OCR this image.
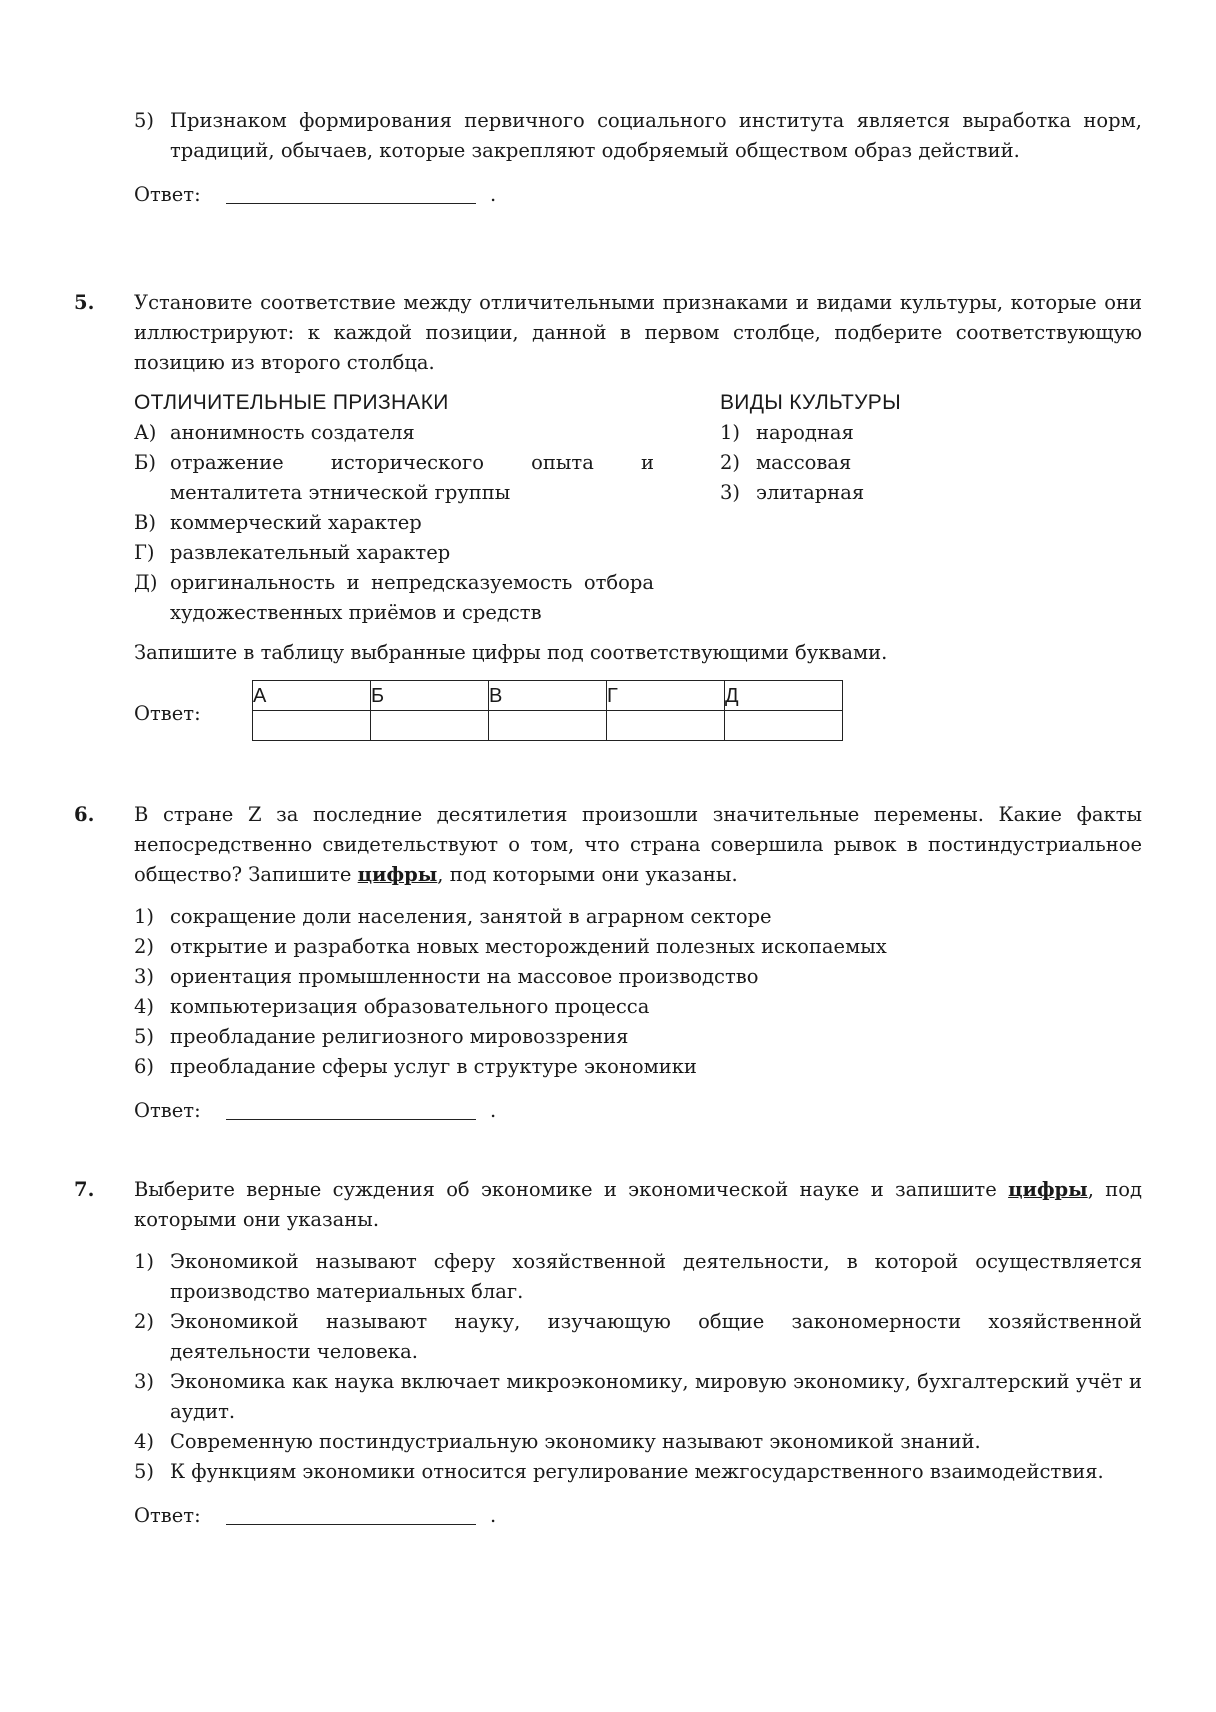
5) Признаком формирования первичного социального института является выработка норм, традиций, обычаев, которые закрепляют одобряемый обществом образ действий.
Ответ:	.
5. Установите соответствие между отличительными признаками и видами культуры, которые они иллюстрируют: к каждой позиции, данной в первом столбце, подберите соответствующую позицию из второго столбца.
ОТЛИЧИТЕЛЬНЫЕ ПРИЗНАКИ
А) анонимность создателя
Б) отражение исторического опыта и менталитета этнической группы
В) коммерческий характер
Г) развлекательный характер
Д) оригинальность и непредсказуемость отбора художественных приёмов и средств
ВИДЫ КУЛЬТУРЫ
1) народная
2) массовая
3) элитарная
Запишите в таблицу выбранные цифры под соответствующими буквами.
Ответ:
А	Б	В	Г	Д

6. В стране Z за последние десятилетия произошли значительные перемены. Какие факты непосредственно свидетельствуют о том, что страна совершила рывок в постиндустриальное общество? Запишите цифры, под которыми они указаны.
1) сокращение доли населения, занятой в аграрном секторе
2) открытие и разработка новых месторождений полезных ископаемых
3) ориентация промышленности на массовое производство
4) компьютеризация образовательного процесса
5) преобладание религиозного мировоззрения
6) преобладание сферы услуг в структуре экономики
Ответ:	.
7. Выберите верные суждения об экономике и экономической науке и запишите цифры, под которыми они указаны.
1) Экономикой называют сферу хозяйственной деятельности, в которой осуществляется производство материальных благ.
2) Экономикой называют науку, изучающую общие закономерности хозяйственной деятельности человека.
3) Экономика как наука включает микроэкономику, мировую экономику, бухгалтерский учёт и аудит.
4) Современную постиндустриальную экономику называют экономикой знаний.
5) К функциям экономики относится регулирование межгосударственного взаимодействия.
Ответ:	.
